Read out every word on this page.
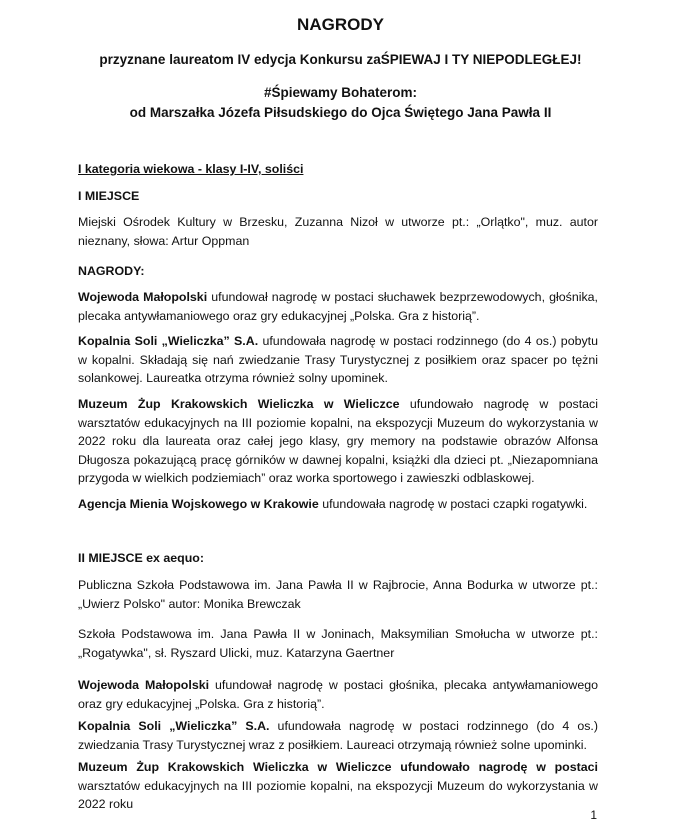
NAGRODY
przyznane laureatom IV edycja Konkursu zaŚPIEWAJ I TY NIEPODLEGŁEJ!
#Śpiewamy Bohaterom:
od Marszałka Józefa Piłsudskiego do Ojca Świętego Jana Pawła II
I kategoria wiekowa - klasy I-IV, soliści
I MIEJSCE
Miejski Ośrodek Kultury w Brzesku, Zuzanna Nizoł w utworze pt.: „Orlątko", muz. autor nieznany, słowa: Artur Oppman
NAGRODY:
Wojewoda Małopolski ufundował nagrodę w postaci słuchawek bezprzewodowych, głośnika, plecaka antywłamaniowego oraz gry edukacyjnej „Polska. Gra z historią”.
Kopalnia Soli „Wieliczka” S.A. ufundowała nagrodę w postaci rodzinnego (do 4 os.) pobytu w kopalni. Składają się nań zwiedzanie Trasy Turystycznej z posiłkiem oraz spacer po tężni solankowej. Laureatka otrzyma również solny upominek.
Muzeum Żup Krakowskich Wieliczka w Wieliczce ufundowało nagrodę w postaci warsztatów edukacyjnych na III poziomie kopalni, na ekspozycji Muzeum do wykorzystania w 2022 roku dla laureata oraz całej jego klasy, gry memory na podstawie obrazów Alfonsa Długosza pokazującą pracę górników w dawnej kopalni, książki dla dzieci pt. „Niezapomniana przygoda w wielkich podziemiach” oraz worka sportowego i zawieszki odblaskowej.
Agencja Mienia Wojskowego w Krakowie ufundowała nagrodę w postaci czapki rogatywki.
II MIEJSCE ex aequo:
Publiczna Szkoła Podstawowa im. Jana Pawła II w Rajbrocie, Anna Bodurka w utworze pt.: „Uwierz Polsko" autor: Monika Brewczak
Szkoła Podstawowa im. Jana Pawła II w Joninach, Maksymilian Smołucha w utworze pt.: „Rogatywka", sł. Ryszard Ulicki, muz. Katarzyna Gaertner
Wojewoda Małopolski ufundował nagrodę w postaci głośnika, plecaka antywłamaniowego oraz gry edukacyjnej „Polska. Gra z historią”.
Kopalnia Soli „Wieliczka” S.A. ufundowała nagrodę w postaci rodzinnego (do 4 os.) zwiedzania Trasy Turystycznej wraz z posiłkiem. Laureaci otrzymają również solne upominki.
Muzeum Żup Krakowskich Wieliczka w Wieliczce ufundowało nagrodę w postaci warsztatów edukacyjnych na III poziomie kopalni, na ekspozycji Muzeum do wykorzystania w 2022 roku
1
